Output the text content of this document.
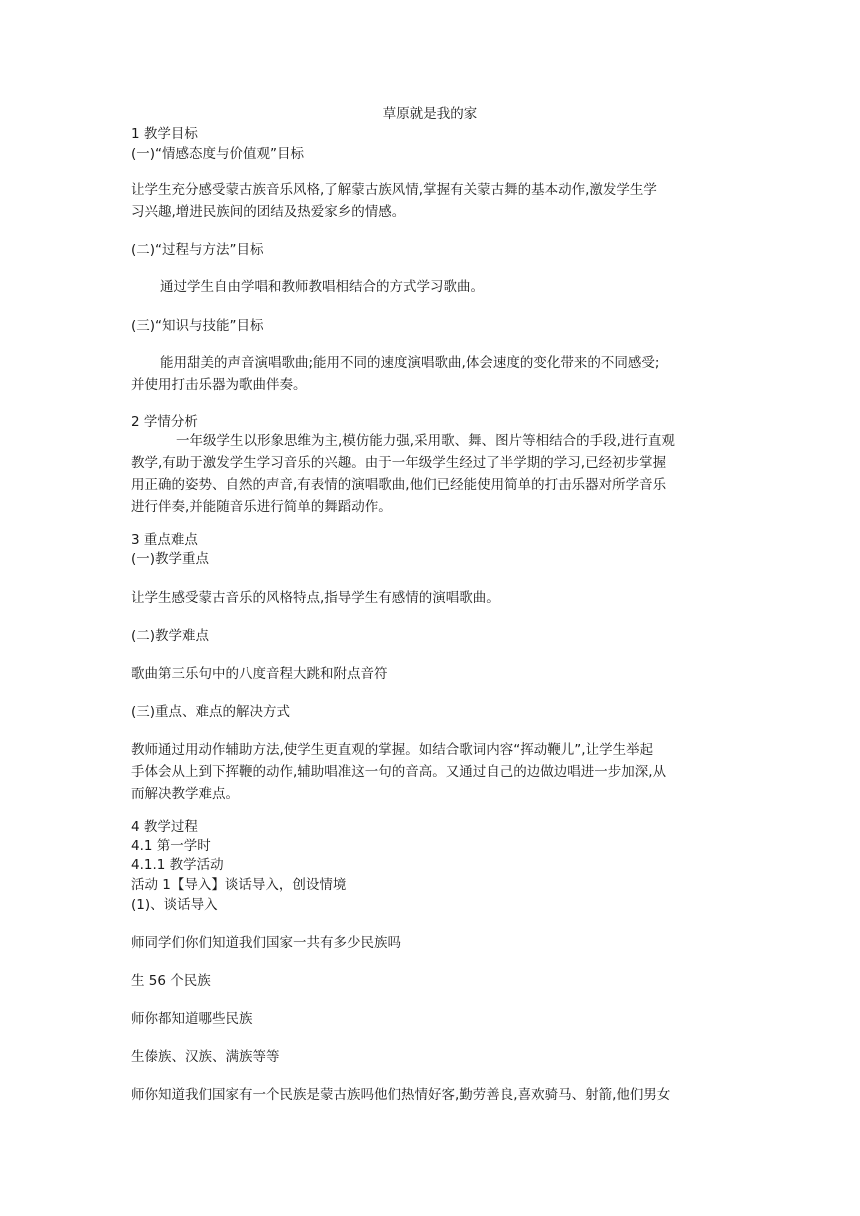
草原就是我的家
1 教学目标
(一)“情感态度与价值观”目标
让学生充分感受蒙古族音乐风格,了解蒙古族风情,掌握有关蒙古舞的基本动作,激发学生学
习兴趣,增进民族间的团结及热爱家乡的情感。
(二)“过程与方法”目标
通过学生自由学唱和教师教唱相结合的方式学习歌曲。
(三)“知识与技能”目标
能用甜美的声音演唱歌曲;能用不同的速度演唱歌曲,体会速度的变化带来的不同感受;
并使用打击乐器为歌曲伴奏。
2 学情分析
一年级学生以形象思维为主,模仿能力强,采用歌、舞、图片等相结合的手段,进行直观
教学,有助于激发学生学习音乐的兴趣。由于一年级学生经过了半学期的学习,已经初步掌握
用正确的姿势、自然的声音,有表情的演唱歌曲,他们已经能使用简单的打击乐器对所学音乐
进行伴奏,并能随音乐进行简单的舞蹈动作。
3 重点难点
(一)教学重点
让学生感受蒙古音乐的风格特点,指导学生有感情的演唱歌曲。
(二)教学难点
歌曲第三乐句中的八度音程大跳和附点音符
(三)重点、难点的解决方式
教师通过用动作辅助方法,使学生更直观的掌握。如结合歌词内容“挥动鞭儿”,让学生举起
手体会从上到下挥鞭的动作,辅助唱准这一句的音高。又通过自己的边做边唱进一步加深,从
而解决教学难点。
4 教学过程
4.1 第一学时
4.1.1 教学活动
活动 1【导入】谈话导入，创设情境
(1)、谈话导入
师同学们你们知道我们国家一共有多少民族吗
生 56 个民族
师你都知道哪些民族
生傣族、汉族、满族等等
师你知道我们国家有一个民族是蒙古族吗他们热情好客,勤劳善良,喜欢骑马、射箭,他们男女
